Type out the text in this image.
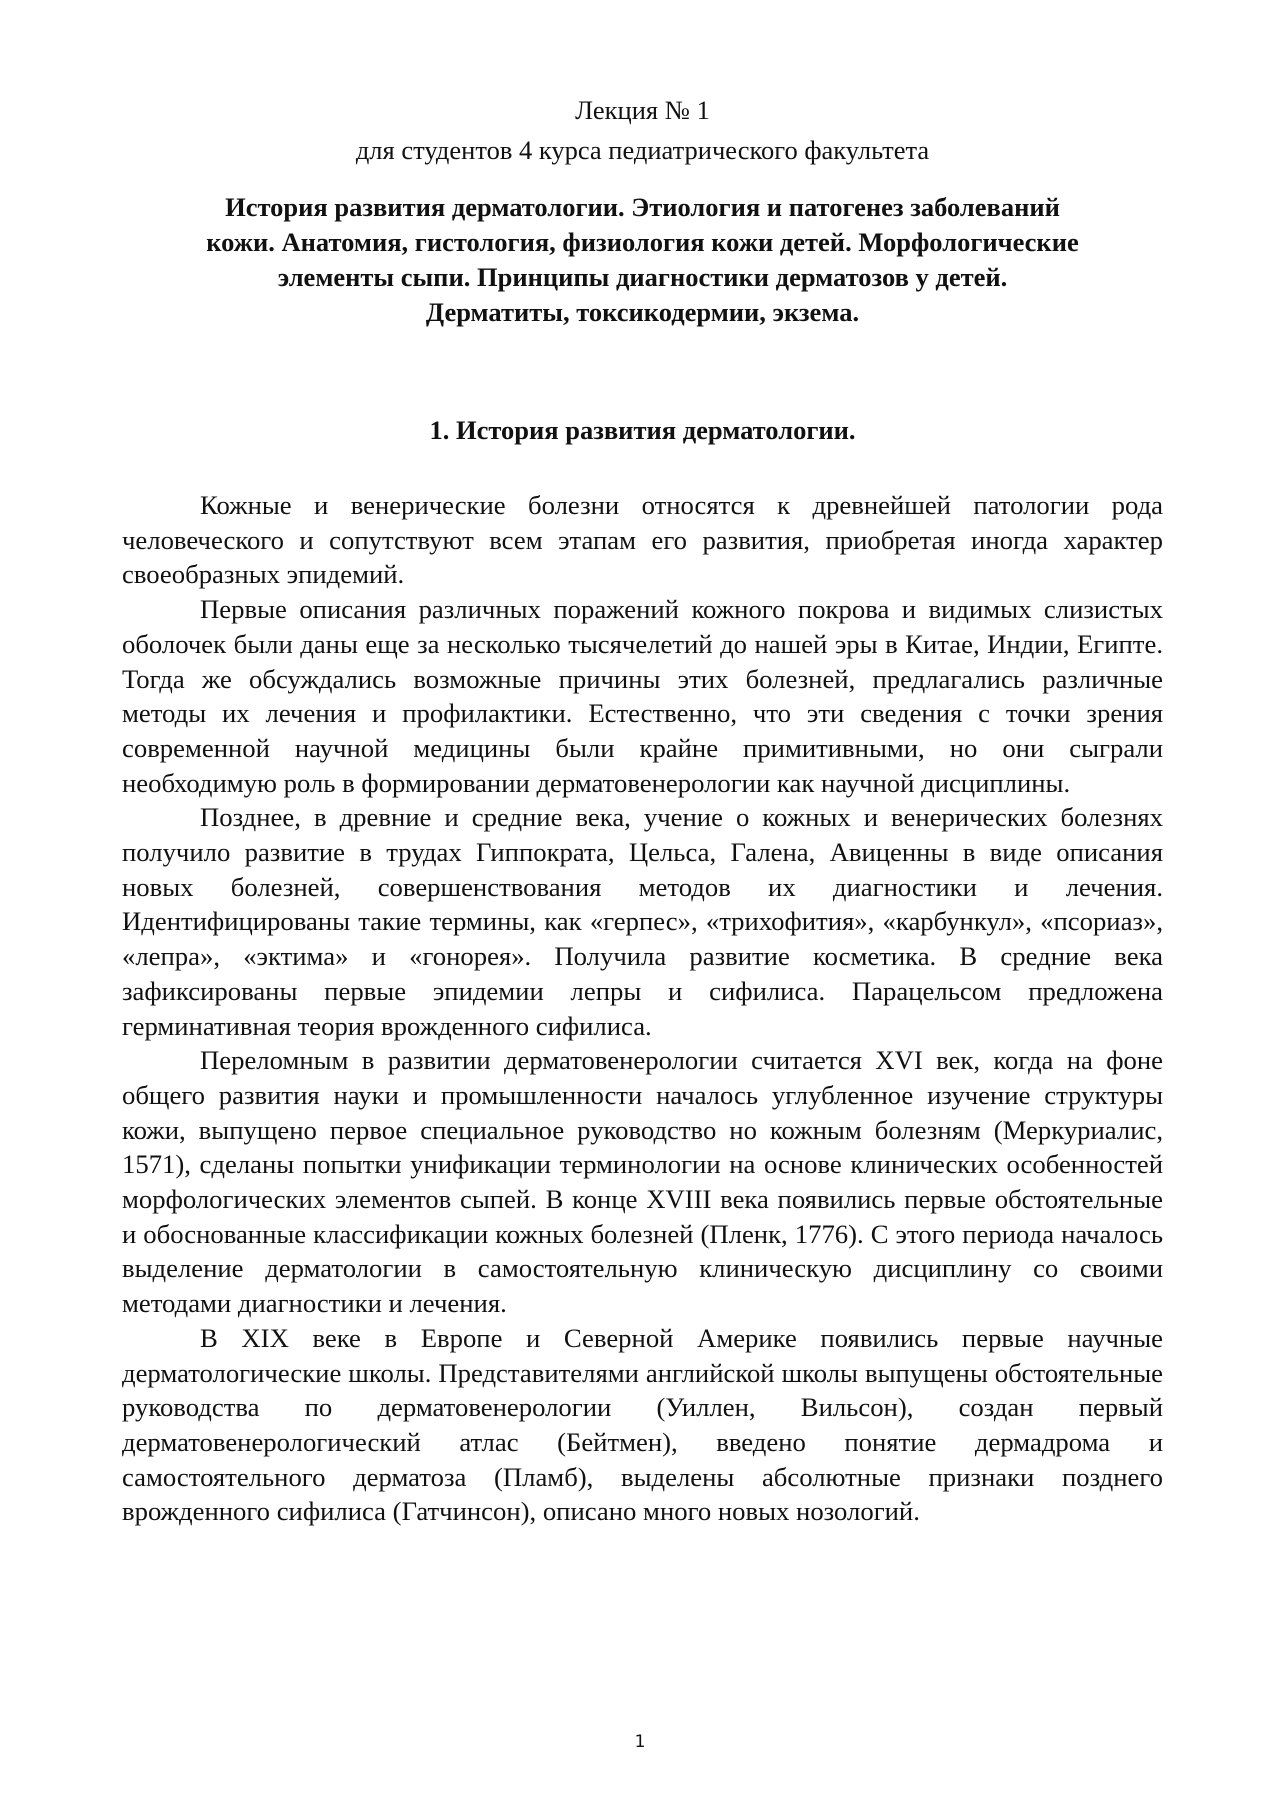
Лекция № 1

для студентов 4 курса педиатрического факультета

История развития дерматологии. Этиология и патогенез заболеваний
кожи. Анатомия, гистология, физиология кожи детей. Морфологические
элементы сыпи. Принципы диагностики дерматозов у детей.
Дерматиты, токсикодермии, экзема.
1. История развития дерматологии.

Кожные и венерические болезни относятся к древнейшей патологии рода человеческого и сопутствуют всем этапам его развития, приобретая иногда характер своеобразных эпидемий.

Первые описания различных поражений кожного покрова и видимых слизистых оболочек были даны еще за несколько тысячелетий до нашей эры в Китае, Индии, Египте. Тогда же обсуждались возможные причины этих болезней, предлагались различные методы их лечения и профилактики. Естественно, что эти сведения с точки зрения современной научной медицины были крайне примитивными, но они сыграли необходимую роль в формировании дерматовенерологии как научной дисциплины.

Позднее, в древние и средние века, учение о кожных и венерических болезнях получило развитие в трудах Гиппократа, Цельса, Галена, Авиценны в виде описания новых болезней, совершенствования методов их диагностики и лечения. Идентифицированы такие термины, как «герпес», «трихофития», «карбункул», «псориаз», «лепра», «эктима» и «гонорея». Получила развитие косметика. В средние века зафиксированы первые эпидемии лепры и сифилиса. Парацельсом предложена герминативная теория врожденного сифилиса.

Переломным в развитии дерматовенерологии считается XVI век, когда на фоне общего развития науки и промышленности началось углубленное изучение структуры кожи, выпущено первое специальное руководство но кожным болезням (Меркуриалис, 1571), сделаны попытки унификации терминологии на основе клинических особенностей морфологических элементов сыпей. В конце XVIII века появились первые обстоятельные и обоснованные классификации кожных болезней (Пленк, 1776). С этого периода началось выделение дерматологии в самостоятельную клиническую дисциплину со своими методами диагностики и лечения.

В XIX веке в Европе и Северной Америке появились первые научные дерматологические школы. Представителями английской школы выпущены обстоятельные руководства по дерматовенерологии (Уиллен, Вильсон), создан первый дерматовенерологический атлас (Бейтмен), введено понятие дермадрома и самостоятельного дерматоза (Пламб), выделены абсолютные признаки позднего врожденного сифилиса (Гатчинсон), описано много новых нозологий.

1
